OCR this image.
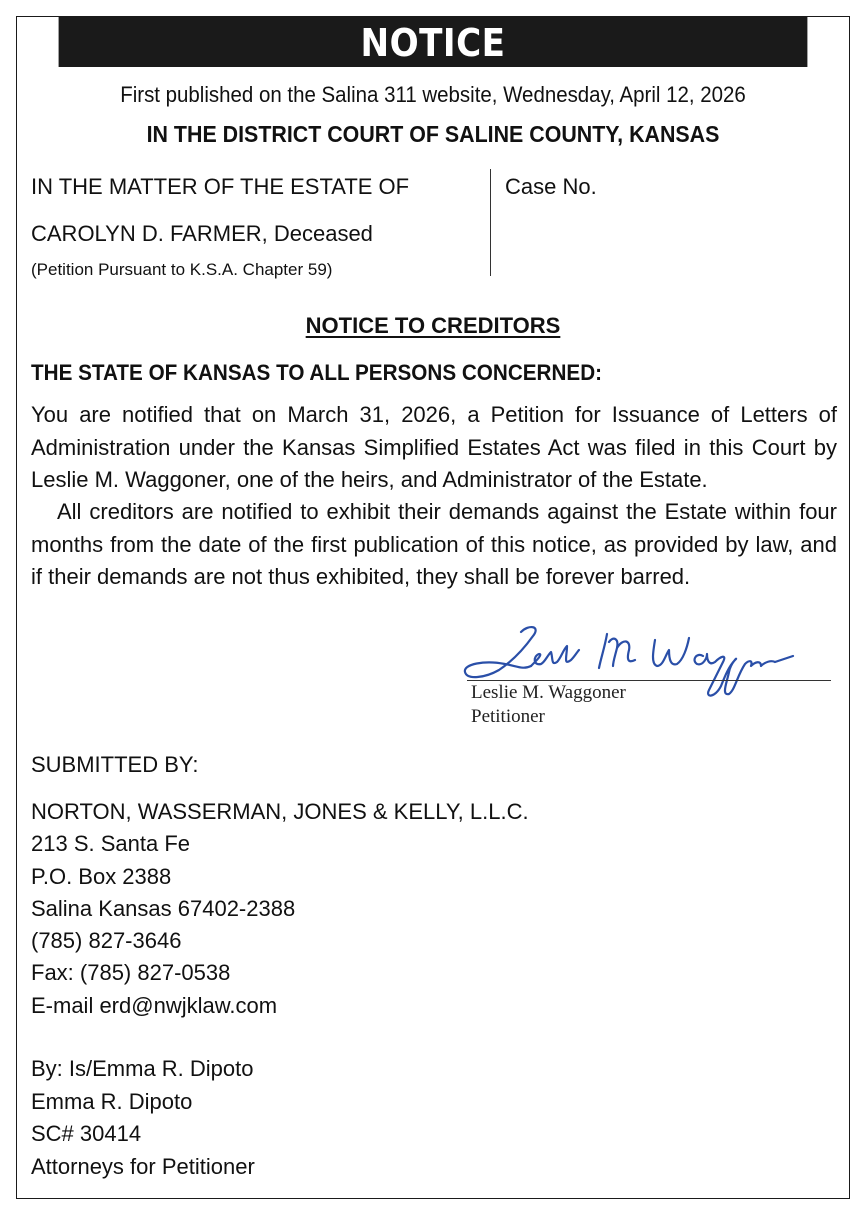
NOTICE
First published on the Salina 311 website, Wednesday, April 12, 2026
IN THE DISTRICT COURT OF SALINE COUNTY, KANSAS
IN THE MATTER OF THE ESTATE OF
CAROLYN D. FARMER, Deceased
(Petition Pursuant to K.S.A. Chapter 59)
Case No.
NOTICE TO CREDITORS
THE STATE OF KANSAS TO ALL PERSONS CONCERNED:
You are notified that on March 31, 2026, a Petition for Issuance of Letters of Administration under the Kansas Simplified Estates Act was filed in this Court by Leslie M. Waggoner, one of the heirs, and Administrator of the Estate.
All creditors are notified to exhibit their demands against the Estate within four months from the date of the first publication of this notice, as provided by law, and if their demands are not thus exhibited, they shall be forever barred.
Leslie M. Waggoner
Petitioner
SUBMITTED BY:
NORTON, WASSERMAN, JONES & KELLY, L.L.C.
213 S. Santa Fe
P.O. Box 2388
Salina Kansas 67402-2388
(785) 827-3646
Fax: (785) 827-0538
E-mail erd@nwjklaw.com
By: Is/Emma R. Dipoto
Emma R. Dipoto
SC# 30414
Attorneys for Petitioner
